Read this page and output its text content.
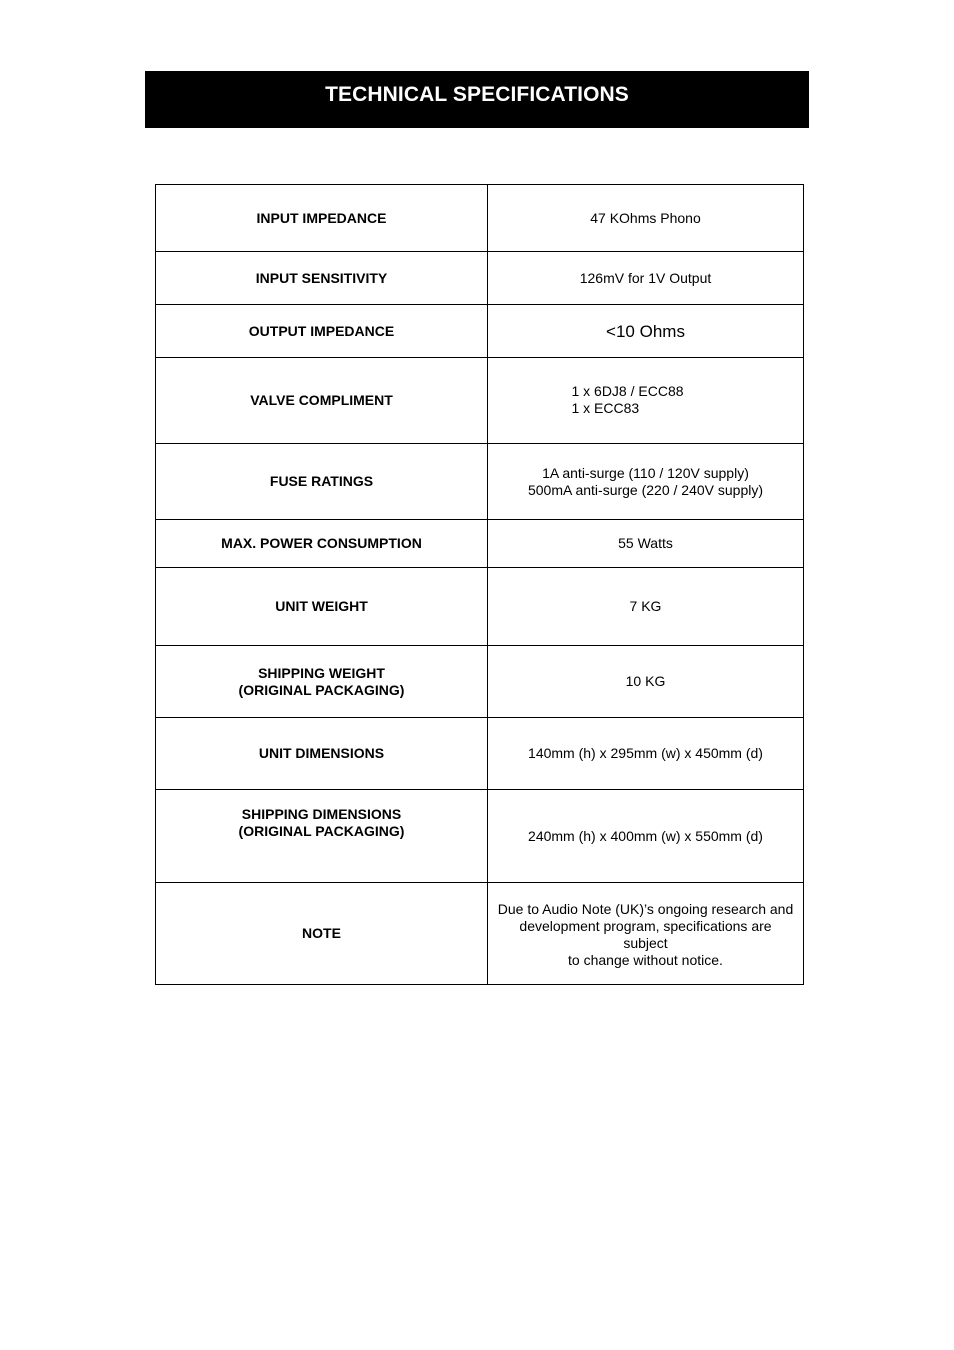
TECHNICAL SPECIFICATIONS
INPUT IMPEDANCE	47 KOhms Phono

INPUT SENSITIVITY	126mV for 1V Output

OUTPUT IMPEDANCE	<10 Ohms

VALVE COMPLIMENT	1 x 6DJ8 / ECC88
1 x ECC83

FUSE RATINGS	1A anti-surge (110 / 120V supply)
500mA anti-surge (220 / 240V supply)

MAX. POWER CONSUMPTION	55 Watts

UNIT WEIGHT	7 KG

SHIPPING WEIGHT
(ORIGINAL PACKAGING)	10 KG

UNIT DIMENSIONS	140mm (h) x 295mm (w) x 450mm (d)

SHIPPING DIMENSIONS
(ORIGINAL PACKAGING)	240mm (h) x 400mm (w) x 550mm (d)

NOTE	Due to Audio Note (UK)’s ongoing research and
development program, specifications are subject
to change without notice.
